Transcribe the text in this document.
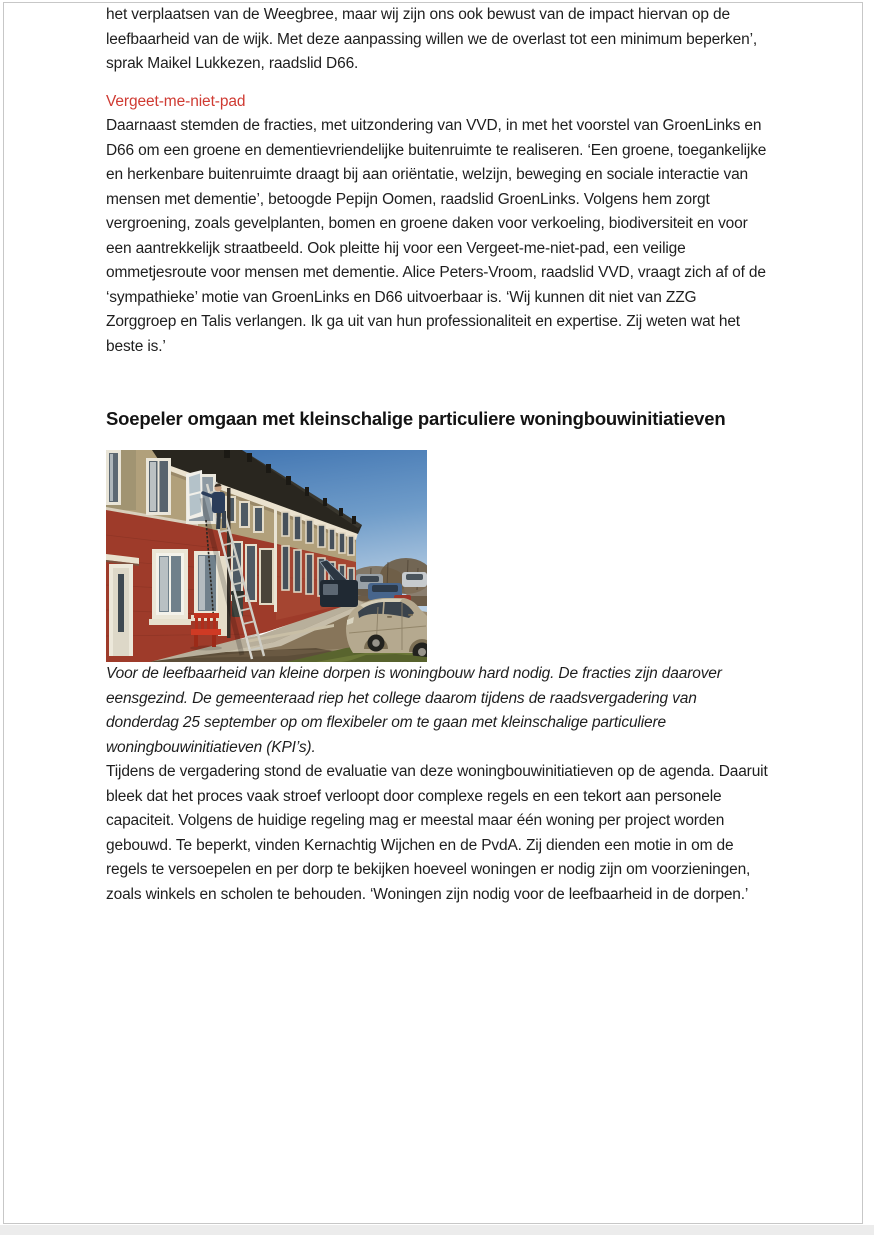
het verplaatsen van de Weegbree, maar wij zijn ons ook bewust van de impact hiervan op de leefbaarheid van de wijk. Met deze aanpassing willen we de overlast tot een minimum beperken’, sprak Maikel Lukkezen, raadslid D66.

Vergeet-me-niet-pad

Daarnaast stemden de fracties, met uitzondering van VVD, in met het voorstel van GroenLinks en D66 om een groene en dementievriendelijke buitenruimte te realiseren. ‘Een groene, toegankelijke en herkenbare buitenruimte draagt bij aan oriëntatie, welzijn, beweging en sociale interactie van mensen met dementie’, betoogde Pepijn Oomen, raadslid GroenLinks. Volgens hem zorgt vergroening, zoals gevelplanten, bomen en groene daken voor verkoeling, biodiversiteit en voor een aantrekkelijk straatbeeld. Ook pleitte hij voor een Vergeet-me-niet-pad, een veilige ommetjesroute voor mensen met dementie. Alice Peters-Vroom, raadslid VVD, vraagt zich af of de ‘sympathieke’ motie van GroenLinks en D66 uitvoerbaar is. ‘Wij kunnen dit niet van ZZG Zorggroep en Talis verlangen. Ik ga uit van hun professionaliteit en expertise. Zij weten wat het beste is.’

Soepeler omgaan met kleinschalige particuliere woningbouwinitiatieven

Voor de leefbaarheid van kleine dorpen is woningbouw hard nodig. De fracties zijn daarover eensgezind. De gemeenteraad riep het college daarom tijdens de raadsvergadering van donderdag 25 september op om flexibeler om te gaan met kleinschalige particuliere woningbouwinitiatieven (KPI’s).

Tijdens de vergadering stond de evaluatie van deze woningbouwinitiatieven op de agenda. Daaruit bleek dat het proces vaak stroef verloopt door complexe regels en een tekort aan personele capaciteit. Volgens de huidige regeling mag er meestal maar één woning per project worden gebouwd. Te beperkt, vinden Kernachtig Wijchen en de PvdA. Zij dienden een motie in om de regels te versoepelen en per dorp te bekijken hoeveel woningen er nodig zijn om voorzieningen, zoals winkels en scholen te behouden. ‘Woningen zijn nodig voor de leefbaarheid in de dorpen.’
